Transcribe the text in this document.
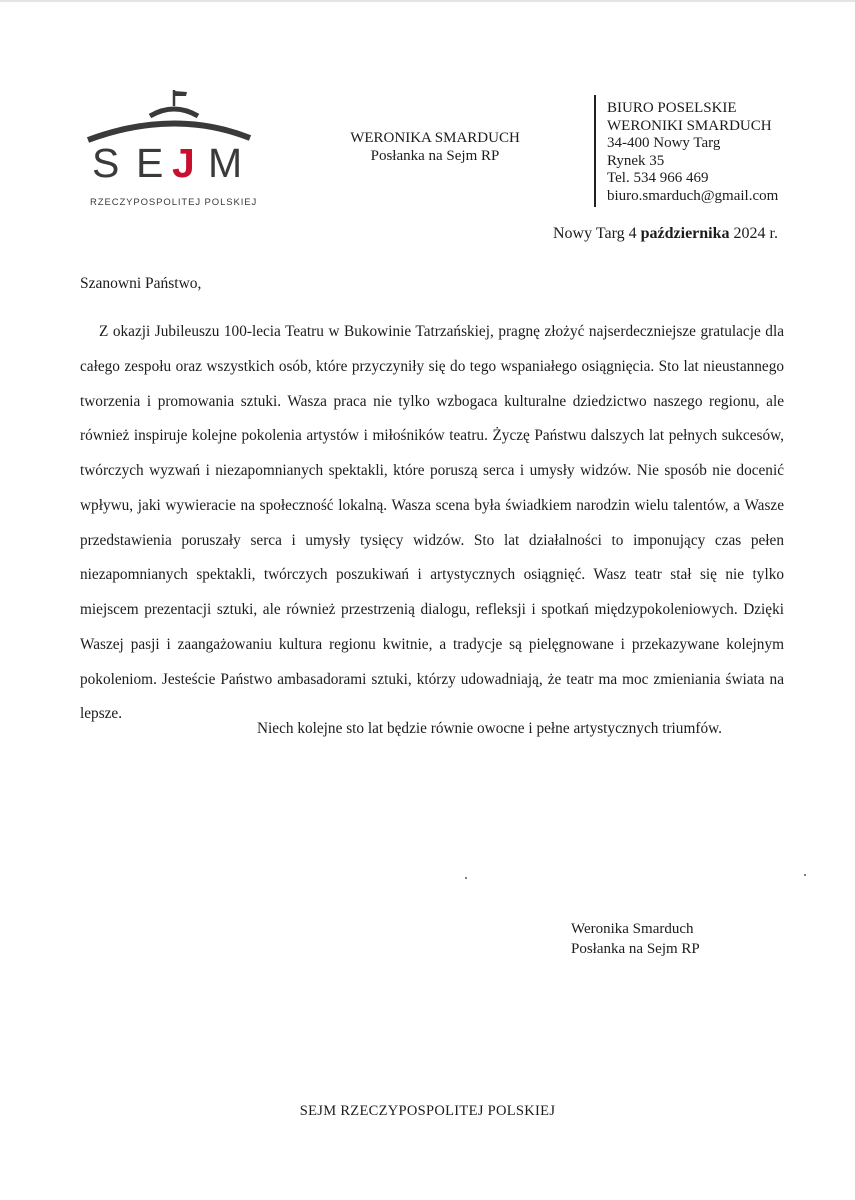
S E J M
RZECZYPOSPOLITEJ POLSKIEJ
WERONIKA SMARDUCH
Posłanka na Sejm RP
BIURO POSELSKIE
WERONIKI SMARDUCH
34-400 Nowy Targ
Rynek 35
Tel. 534 966 469
biuro.smarduch@gmail.com
Nowy Targ 4 października 2024 r.
Szanowni Państwo,

Z okazji Jubileuszu 100-lecia Teatru w Bukowinie Tatrzańskiej, pragnę złożyć najserdeczniejsze gratulacje dla całego zespołu oraz wszystkich osób, które przyczyniły się do tego wspaniałego osiągnięcia. Sto lat nieustannego tworzenia i promowania sztuki. Wasza praca nie tylko wzbogaca kulturalne dziedzictwo naszego regionu, ale również inspiruje kolejne pokolenia artystów i miłośników teatru. Życzę Państwu dalszych lat pełnych sukcesów, twórczych wyzwań i niezapomnianych spektakli, które poruszą serca i umysły widzów. Nie sposób nie docenić wpływu, jaki wywieracie na społeczność lokalną. Wasza scena była świadkiem narodzin wielu talentów, a Wasze przedstawienia poruszały serca i umysły tysięcy widzów. Sto lat działalności to imponujący czas pełen niezapomnianych spektakli, twórczych poszukiwań i artystycznych osiągnięć. Wasz teatr stał się nie tylko miejscem prezentacji sztuki, ale również przestrzenią dialogu, refleksji i spotkań międzypokoleniowych. Dzięki Waszej pasji i zaangażowaniu kultura regionu kwitnie, a tradycje są pielęgnowane i przekazywane kolejnym pokoleniom. Jesteście Państwo ambasadorami sztuki, którzy udowadniają, że teatr ma moc zmieniania świata na lepsze.

Niech kolejne sto lat będzie równie owocne i pełne artystycznych triumfów.
Weronika Smarduch
Posłanka na Sejm RP
SEJM RZECZYPOSPOLITEJ POLSKIEJ
